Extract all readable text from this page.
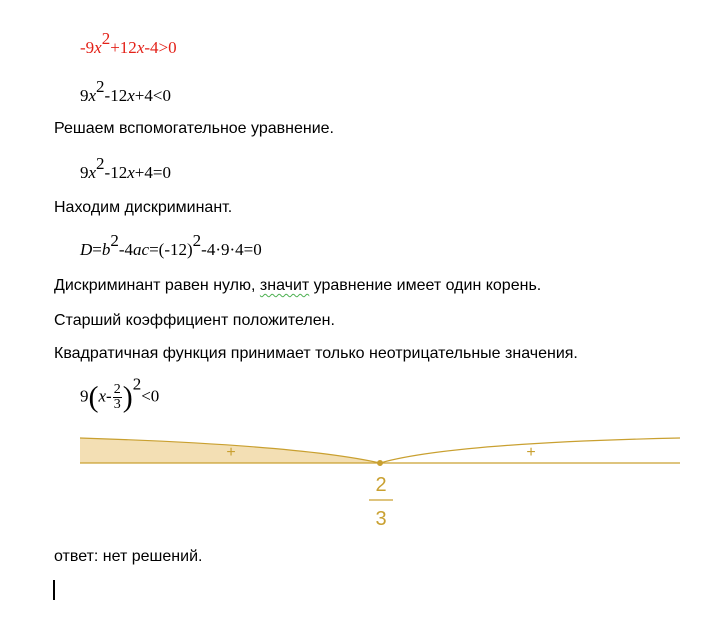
$-9x^2+12x-4>0$
$9x^2-12x+4<0$
Решаем вспомогательное уравнение.
$9x^2-12x+4=0$
Находим дискриминант.
$D=b^2-4ac=(-12)^2-4\cdot 9\cdot 4=0$
Дискриминант равен нулю, значит уравнение имеет один корень.
Старший коэффициент положителен.
Квадратичная функция принимает только неотрицательные значения.
$9(x- \frac{2}{3} )^2<0$
+	+
2
3
ответ: нет решений.
